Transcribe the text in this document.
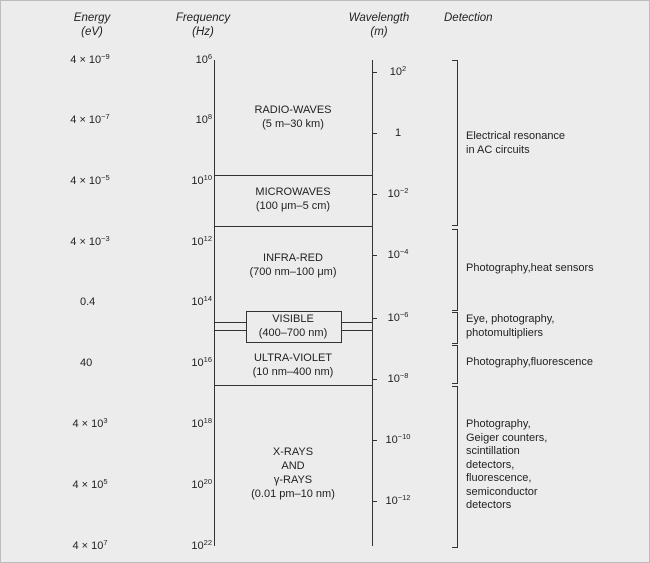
Energy
(eV)
Frequency
(Hz)
Wavelength
(m)
Detection
$4 \times 10^{-9}$
$4 \times 10^{-7}$
$4 \times 10^{-5}$
$4 \times 10^{-3}$
0.4
40
$4 \times 10^3$
$4 \times 10^5$
$4 \times 10^7$
$10^6$
$10^8$
$10^{10}$
$10^{12}$
$10^{14}$
$10^{16}$
$10^{18}$
$10^{20}$
$10^{22}$
$10^2$
1
$10^{-2}$
$10^{-4}$
$10^{-6}$
$10^{-8}$
$10^{-10}$
$10^{-12}$
RADIO-WAVES
(5 m–30 km)
MICROWAVES
(100 μm–5 cm)
INFRA-RED
(700 nm–100 μm)
VISIBLE
(400–700 nm)
ULTRA-VIOLET
(10 nm–400 nm)
X-RAYS
AND
γ-RAYS
(0.01 pm–10 nm)
Electrical resonance
in AC circuits
Photography,heat sensors
Eye, photography,
photomultipliers
Photography,fluorescence
Photography,
Geiger counters,
scintillation
detectors,
fluorescence,
semiconductor
detectors
